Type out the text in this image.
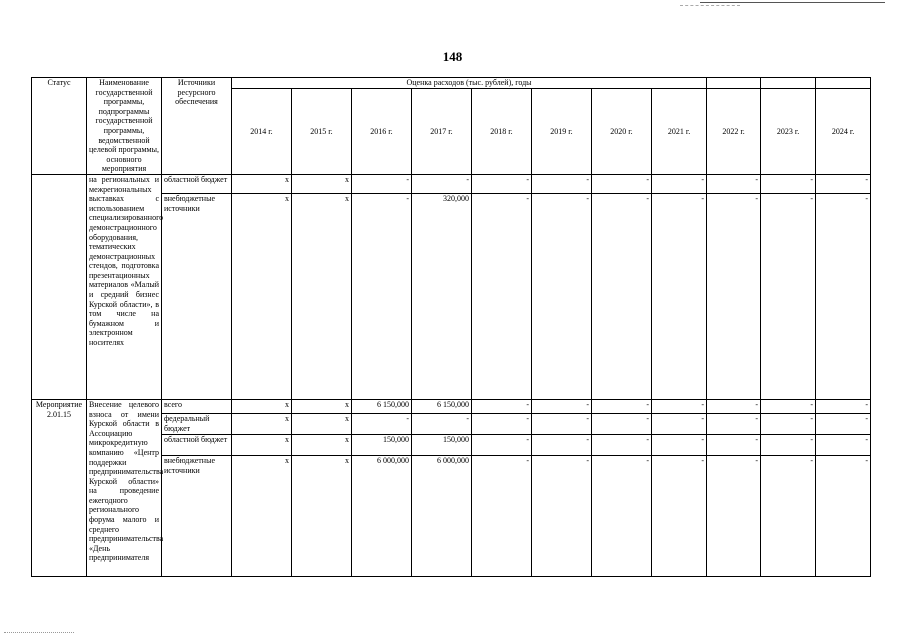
148
Статус	Наименование государственной программы, подпрограммы государственной программы, ведомственной целевой программы, основного мероприятия	Источники ресурсного обеспечения	Оценка расходов (тыс. рублей), годы										
			2014 г.	2015 г.	2016 г.	2017 г.	2018 г.	2019 г.	2020 г.	2021 г.	2022 г.	2023 г.	2024 г.
	на региональных и межрегиональных выставках с использованием специализированного демонстрационного оборудования, тематических демонстрационных стендов, подготовка презентационных материалов «Малый и средний бизнес Курской области», в том числе на бумажном и электронном носителях	областной бюджет	x	x	-	-	-	-	-	-	-	-	-
		внебюджетные источники	x	x	-	320,000	-	-	-	-	-	-	-
Мероприятие 2.01.15	Внесение целевого взноса от имени Курской области в Ассоциацию микрокредитную компанию «Центр поддержки предпринимательства Курской области» на проведение ежегодного регионального форума малого и среднего предпринимательства «День предпринимателя	всего	x	x	6 150,000	6 150,000	-	-	-	-	-	-	-
		федеральный бюджет	x	x	-	-	-	-	-	-	-	-	-
		областной бюджет	x	x	150,000	150,000	-	-	-	-	-	-	-
		внебюджетные источники	x	x	6 000,000	6 000,000	-	-	-	-	-	-	-
